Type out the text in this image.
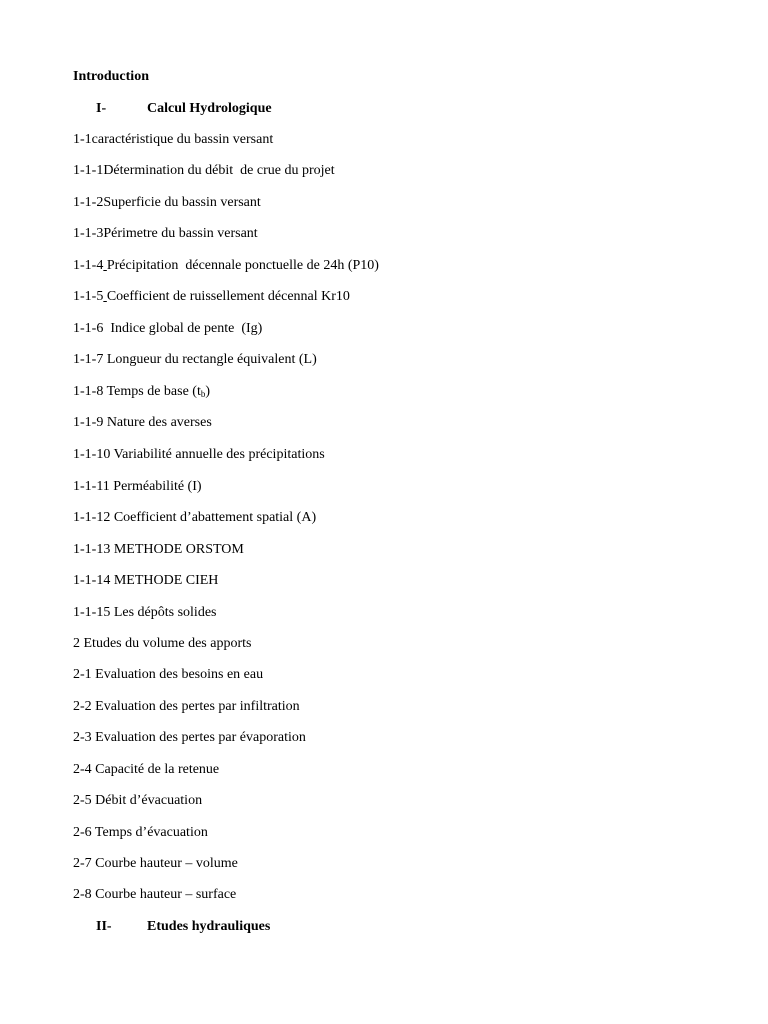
Introduction
I-	Calcul Hydrologique
1-1caractéristique du bassin versant
1-1-1Détermination du débit  de crue du projet
1-1-2Superficie du bassin versant
1-1-3Périmetre du bassin versant
1-1-4 Précipitation  décennale ponctuelle de 24h (P10)
1-1-5 Coefficient de ruissellement décennal Kr10
1-1-6  Indice global de pente  (Ig)
1-1-7 Longueur du rectangle équivalent (L)
1-1-8 Temps de base $(t_b)$
1-1-9 Nature des averses
1-1-10 Variabilité annuelle des précipitations
1-1-11 Perméabilité (I)
1-1-12 Coefficient d’abattement spatial (A)
1-1-13 METHODE ORSTOM
1-1-14 METHODE CIEH
1-1-15 Les dépôts solides
2 Etudes du volume des apports
2-1 Evaluation des besoins en eau
2-2 Evaluation des pertes par infiltration
2-3 Evaluation des pertes par évaporation
2-4 Capacité de la retenue
2-5 Débit d’évacuation
2-6 Temps d’évacuation
2-7 Courbe hauteur – volume
2-8 Courbe hauteur – surface
II-	Etudes hydrauliques
